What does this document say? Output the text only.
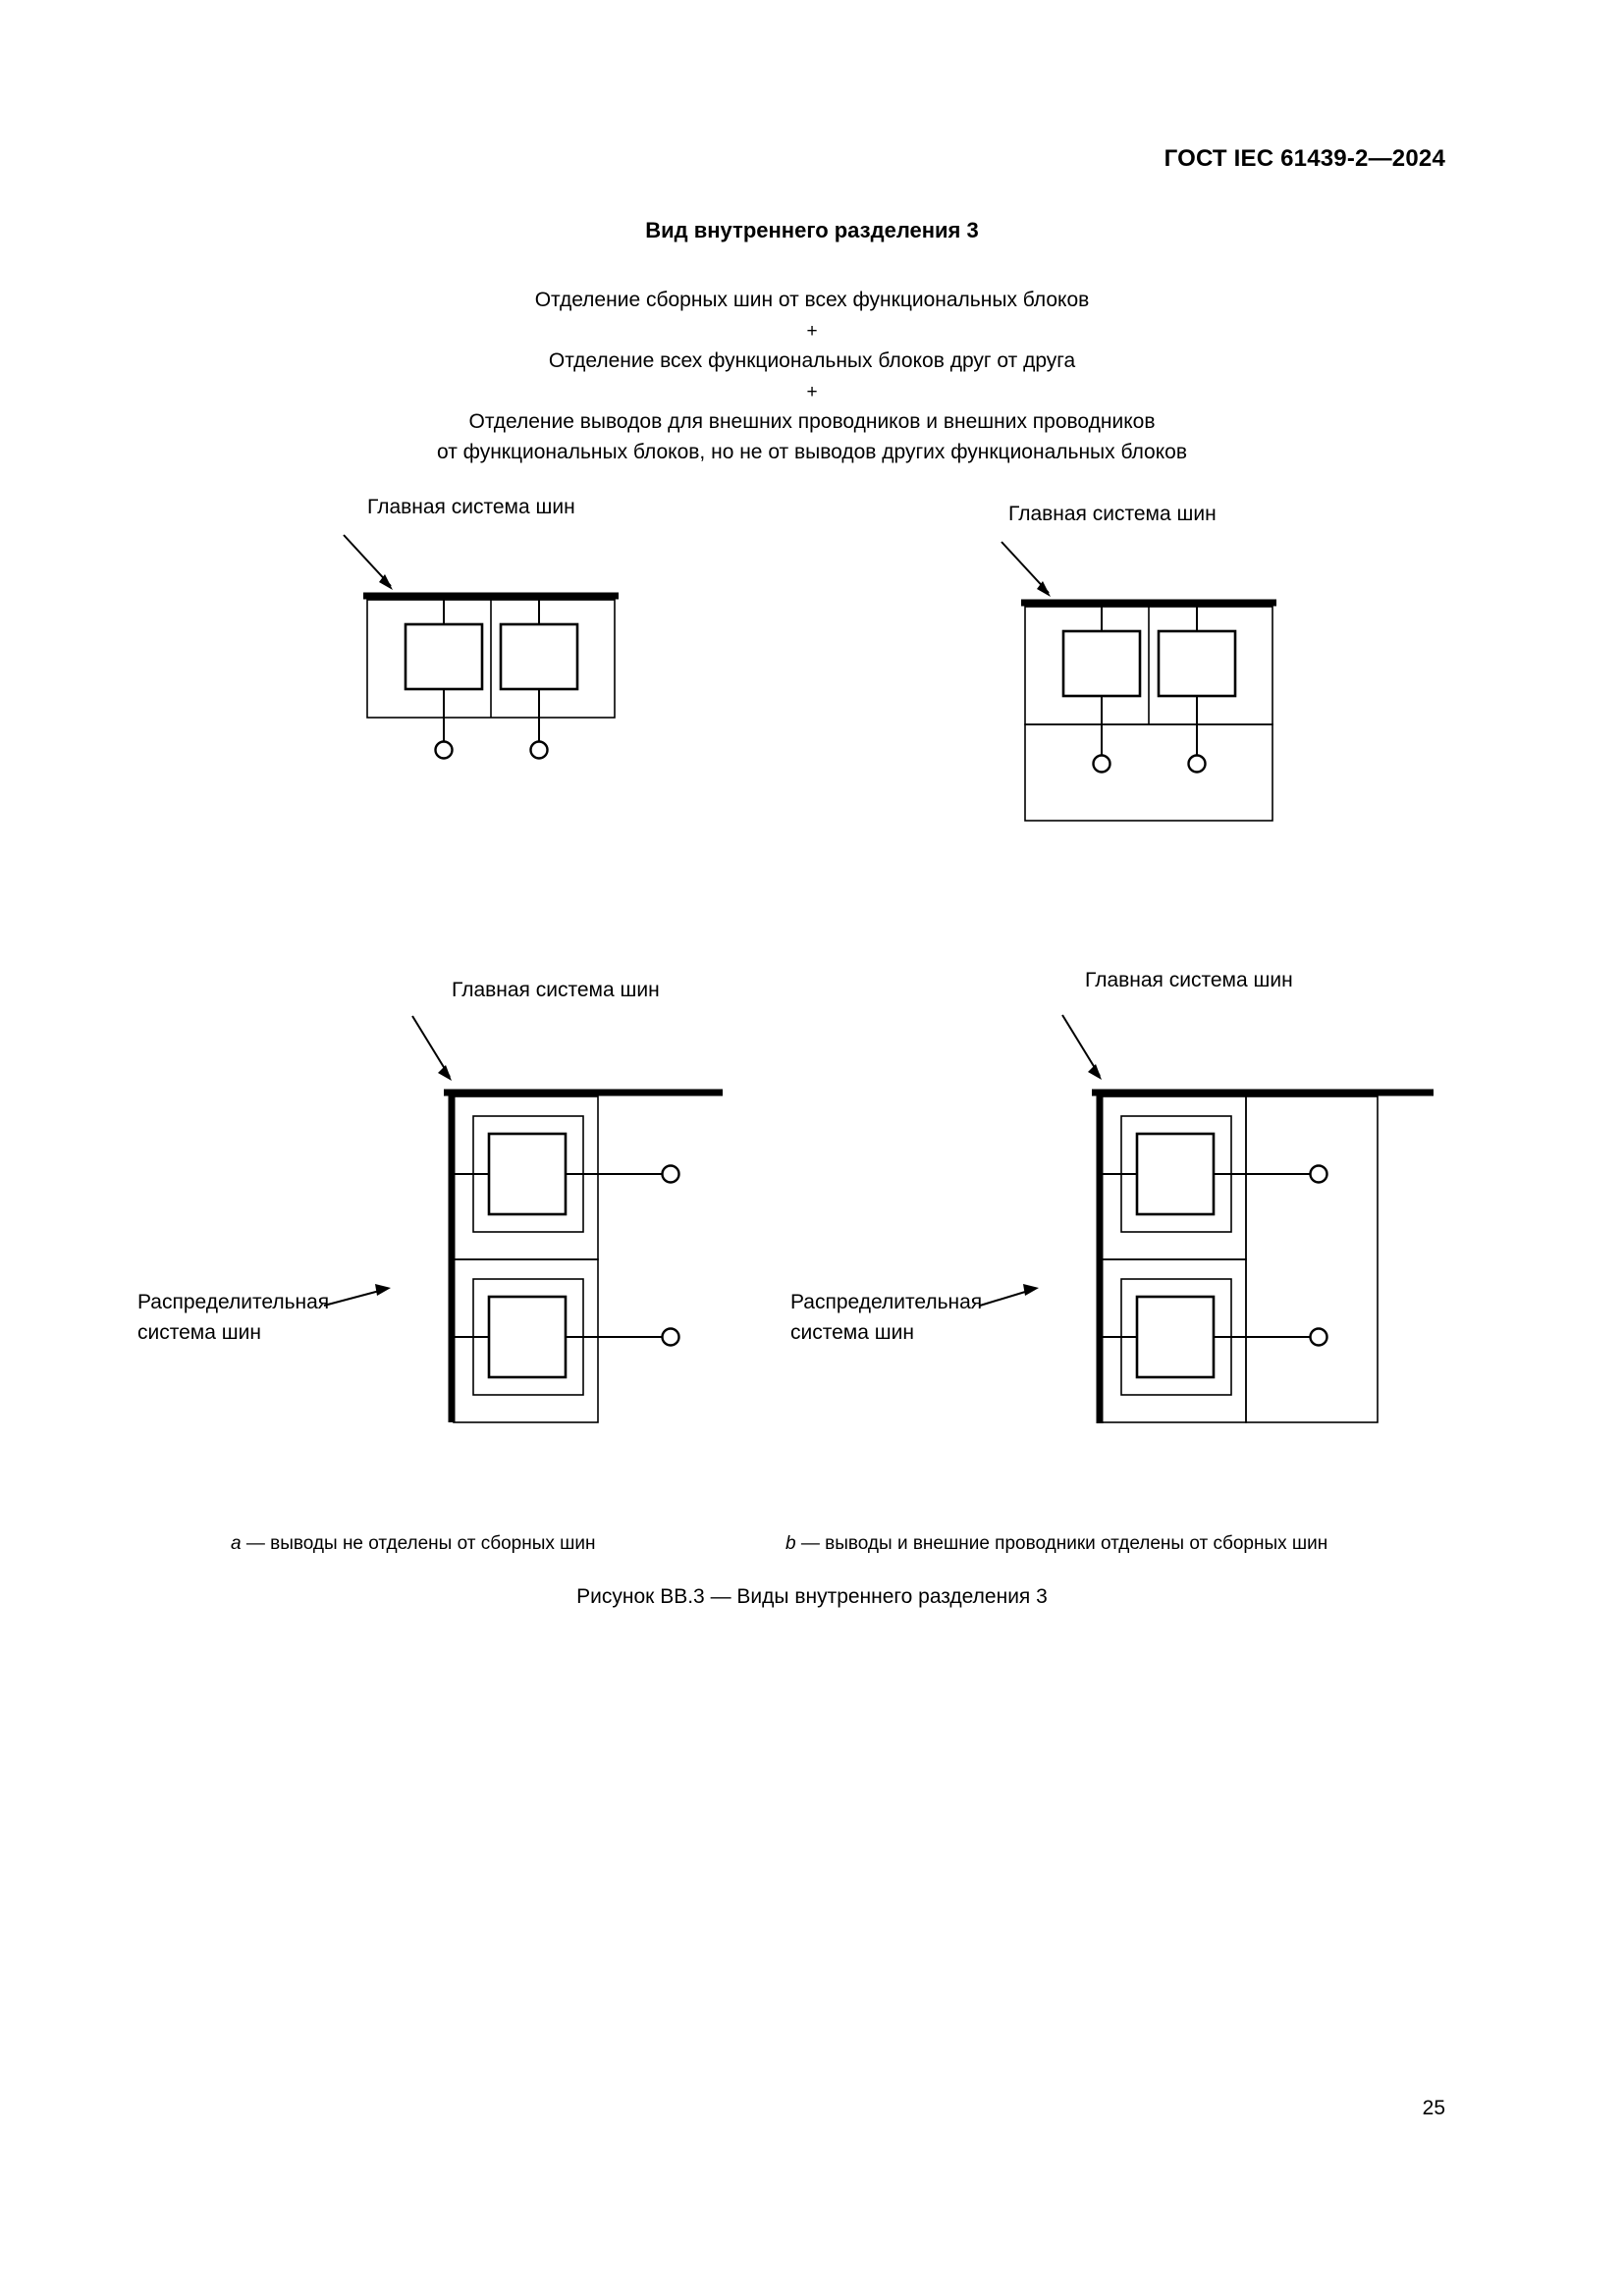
ГОСТ IEC 61439-2—2024
Вид внутреннего разделения 3
Отделение сборных шин от всех функциональных блоков
+
Отделение всех функциональных блоков друг от друга
+
Отделение выводов для внешних проводников и внешних проводников
от функциональных блоков, но не от выводов других функциональных блоков
Главная система шин	Главная система шин
Главная система шин
Распределительная
система шин
Главная система шин
Распределительная
система шин
a — выводы не отделены от сборных шин	b — выводы и внешние проводники отделены от сборных шин
Рисунок BB.3 — Виды внутреннего разделения 3
25
